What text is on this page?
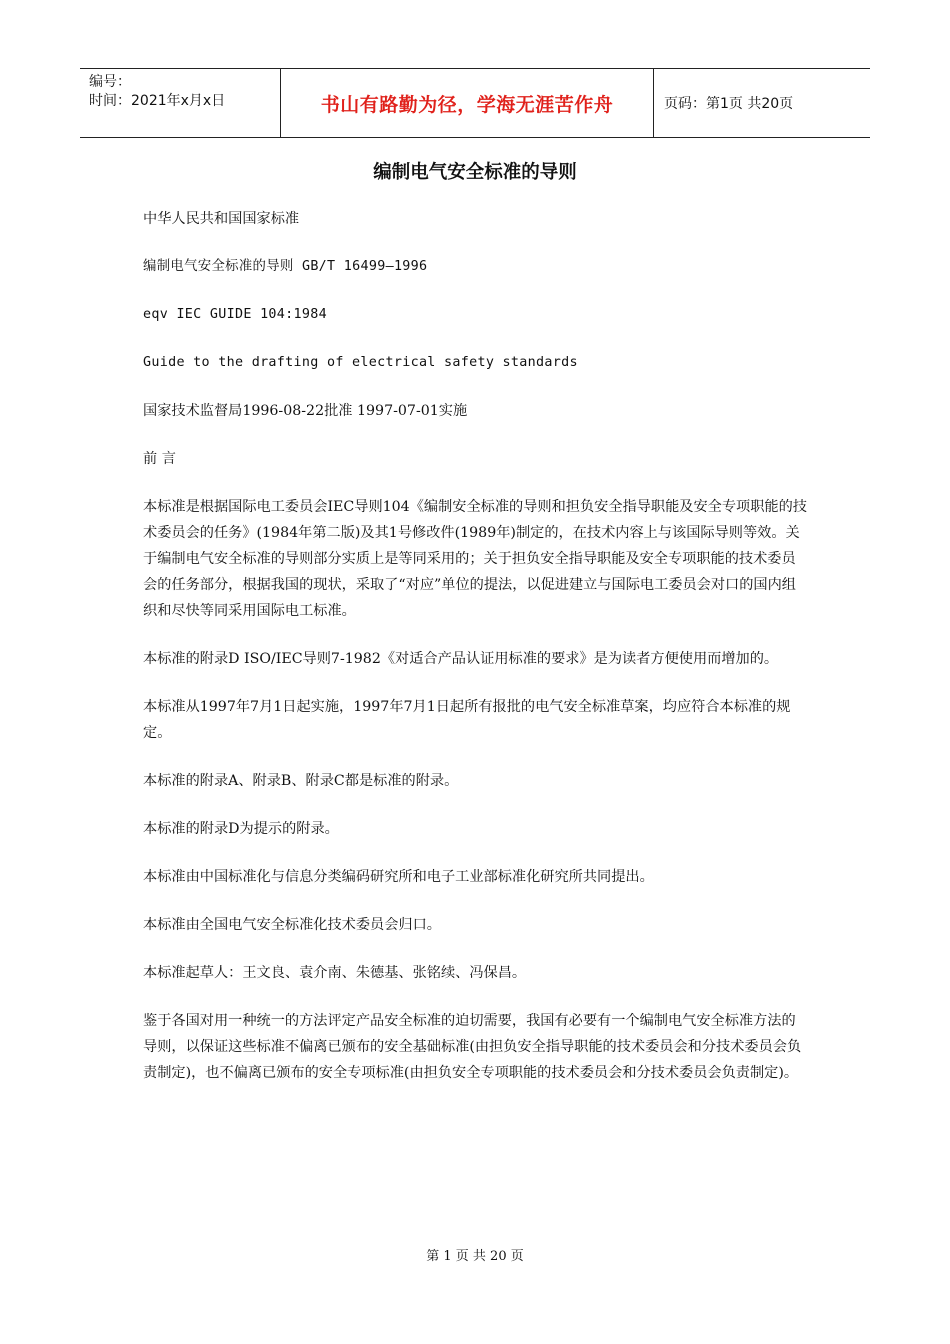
编号：
时间：2021年x月x日	书山有路勤为径，学海无涯苦作舟	页码：第1页 共20页
编制电气安全标准的导则

中华人民共和国国家标准

编制电气安全标准的导则 GB/T 16499—1996

eqv IEC GUIDE 104:1984

Guide to the drafting of electrical safety standards

国家技术监督局1996-08-22批准 1997-07-01实施

前 言

本标准是根据国际电工委员会IEC导则104《编制安全标准的导则和担负安全指导职能及安全专项职能的技术委员会的任务》(1984年第二版)及其1号修改件(1989年)制定的，在技术内容上与该国际导则等效。关于编制电气安全标准的导则部分实质上是等同采用的；关于担负安全指导职能及安全专项职能的技术委员会的任务部分，根据我国的现状，采取了“对应”单位的提法，以促进建立与国际电工委员会对口的国内组织和尽快等同采用国际电工标准。

本标准的附录D ISO/IEC导则7-1982《对适合产品认证用标准的要求》是为读者方便使用而增加的。

本标准从1997年7月1日起实施，1997年7月1日起所有报批的电气安全标准草案，均应符合本标准的规定。

本标准的附录A、附录B、附录C都是标准的附录。

本标准的附录D为提示的附录。

本标准由中国标准化与信息分类编码研究所和电子工业部标准化研究所共同提出。

本标准由全国电气安全标准化技术委员会归口。

本标准起草人：王文良、袁介南、朱德基、张铭续、冯保昌。

鉴于各国对用一种统一的方法评定产品安全标准的迫切需要，我国有必要有一个编制电气安全标准方法的导则，以保证这些标准不偏离已颁布的安全基础标准(由担负安全指导职能的技术委员会和分技术委员会负责制定)，也不偏离已颁布的安全专项标准(由担负安全专项职能的技术委员会和分技术委员会负责制定)。

第 1 页 共 20 页
